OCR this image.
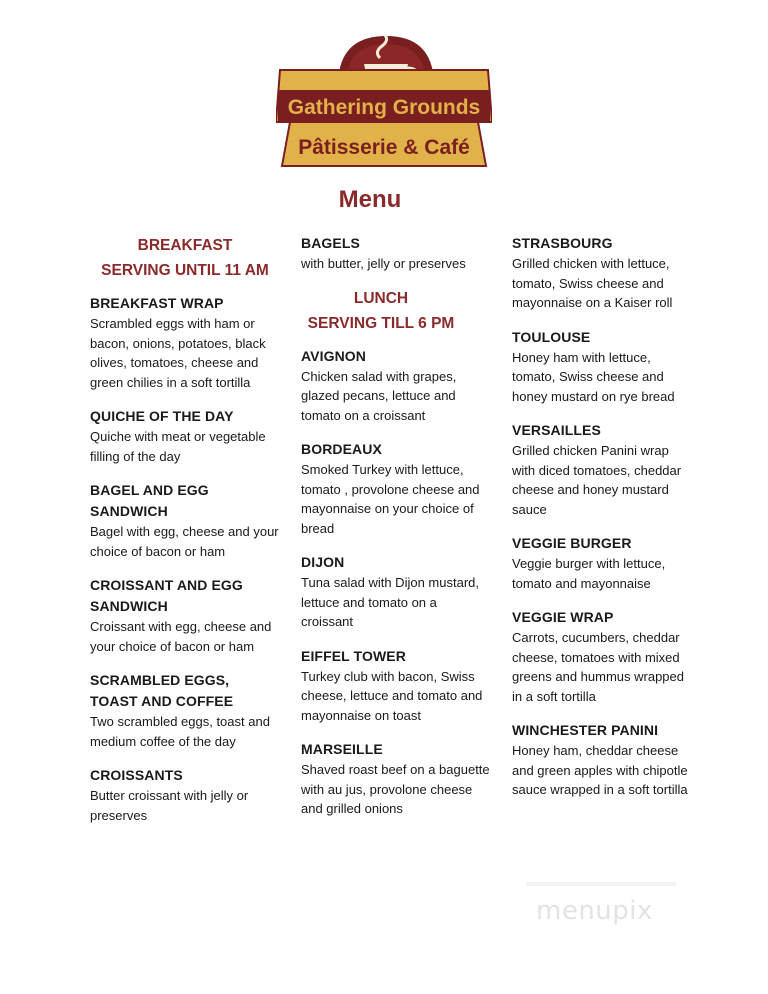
Gathering Grounds
Pâtisserie & Café
Menu
BREAKFAST
SERVING UNTIL 11 AM
BREAKFAST WRAP
Scrambled eggs with ham or bacon, onions, potatoes, black olives, tomatoes, cheese and green chilies in a soft tortilla
QUICHE OF THE DAY
Quiche with meat or vegetable filling of the day
BAGEL AND EGG SANDWICH
Bagel with egg, cheese and your choice of bacon or ham
CROISSANT AND EGG SANDWICH
Croissant with egg, cheese and your choice of bacon or ham
SCRAMBLED EGGS, TOAST AND COFFEE
Two scrambled eggs, toast and medium coffee of the day
CROISSANTS
Butter croissant with jelly or preserves
BAGELS
with butter, jelly or preserves
LUNCH
SERVING TILL 6 PM
AVIGNON
Chicken salad with grapes, glazed pecans, lettuce and tomato on a croissant
BORDEAUX
Smoked Turkey with lettuce, tomato , provolone cheese and mayonnaise on your choice of bread
DIJON
Tuna salad with Dijon mustard, lettuce and tomato on a croissant
EIFFEL TOWER
Turkey club with bacon, Swiss cheese, lettuce and tomato and mayonnaise on toast
MARSEILLE
Shaved roast beef on a baguette with au jus, provolone cheese and grilled onions
STRASBOURG
Grilled chicken with lettuce, tomato, Swiss cheese and mayonnaise on a Kaiser roll
TOULOUSE
Honey ham with lettuce, tomato, Swiss cheese and honey mustard on rye bread
VERSAILLES
Grilled chicken Panini wrap with diced tomatoes, cheddar cheese and honey mustard sauce
VEGGIE BURGER
Veggie burger with lettuce, tomato and mayonnaise
VEGGIE WRAP
Carrots, cucumbers, cheddar cheese, tomatoes with mixed greens and hummus wrapped in a soft tortilla
WINCHESTER PANINI
Honey ham, cheddar cheese and green apples with chipotle sauce wrapped in a soft tortilla
menupix
